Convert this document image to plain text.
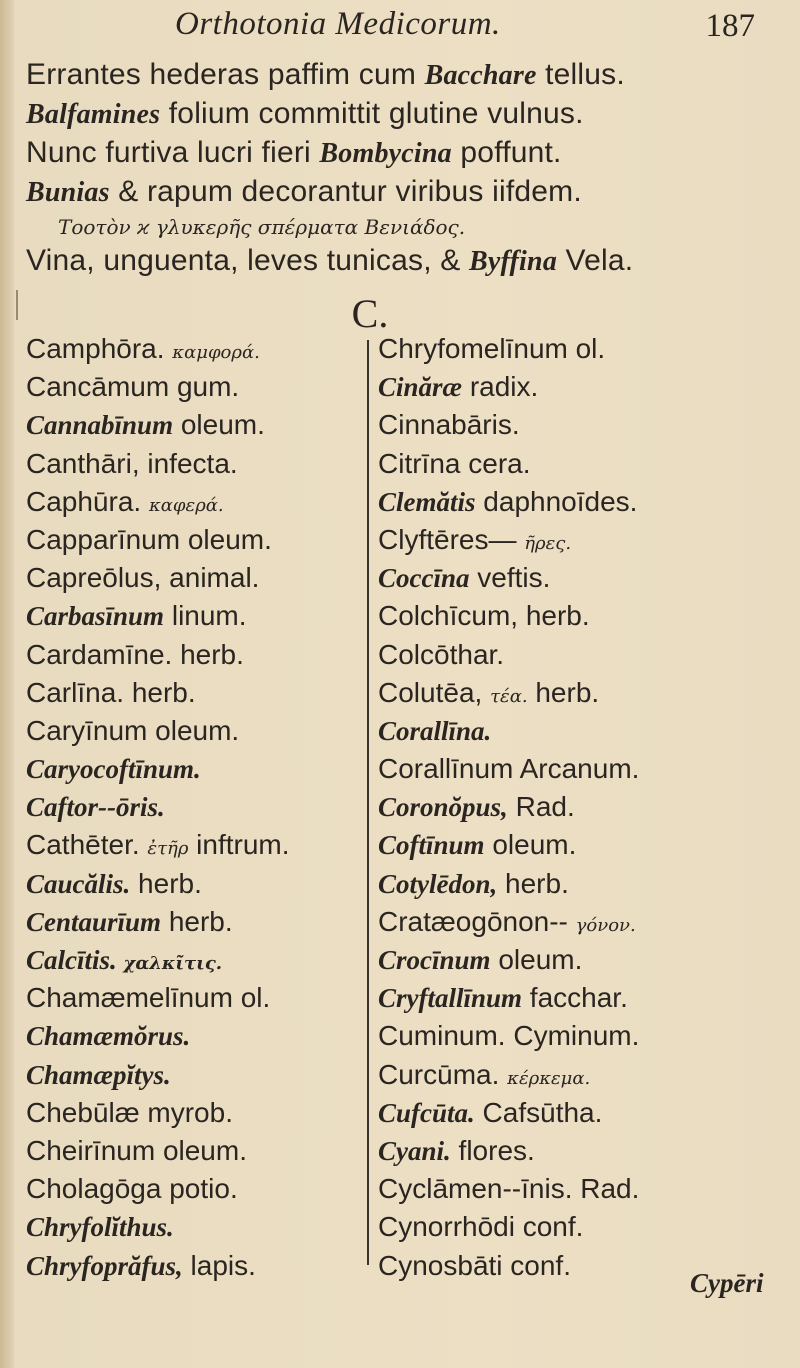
Orthotonia Medicorum.	187
Errantes hederas paffim cum Bacchare tellus.
Balfamines folium committit glutine vulnus.
Nunc furtiva lucri fieri Bombycina poffunt.
Bunias & rapum decorantur viribus iifdem.
Τοοτὸν ϰ γλυκερῆς σπέρματα Βενιάδος.
Vina, unguenta, leves tunicas, & Byffina Vela.
C.
Camphōra. καμφορά.
Cancāmum gum.
Cannabīnum oleum.
Canthāri, infecta.
Caphūra. καφερά.
Capparīnum oleum.
Capreōlus, animal.
Carbasīnum linum.
Cardamīne. herb.
Carlīna. herb.
Caryīnum oleum.
Caryocoftīnum.
Caftor--ōris.
Cathēter. ἐτῆρ inftrum.
Caucălis. herb.
Centaurīum herb.
Calcītis. χαλκῖτις.
Chamæmelīnum ol.
Chamæmŏrus.
Chamæpĭtys.
Chebūlæ myrob.
Cheirīnum oleum.
Cholagōga potio.
Chryfolĭthus.
Chryfoprăfus, lapis.
Chryfomelīnum ol.
Cinăræ radix.
Cinnabāris.
Citrīna cera.
Clemătis daphnoīdes.
Clyftēres— ῆρες.
Coccīna veftis.
Colchīcum, herb.
Colcōthar.
Colutēa, τέα. herb.
Corallīna.
Corallīnum Arcanum.
Coronŏpus, Rad.
Coftīnum oleum.
Cotylēdon, herb.
Cratæogōnon-- γόνον.
Crocīnum oleum.
Cryftallīnum facchar.
Cuminum. Cyminum.
Curcūma. κέρκεμα.
Cufcūta. Cafsūtha.
Cyani. flores.
Cyclāmen--īnis. Rad.
Cynorrhōdi conf.
Cynosbāti conf.
Cypēri
